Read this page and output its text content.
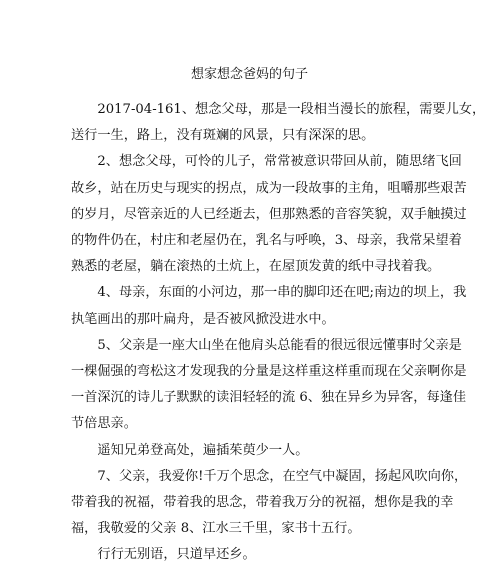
想家想念爸妈的句子

2017-04-161、想念父母，那是一段相当漫长的旅程，需要儿女，
送行一生，路上，没有斑斓的风景，只有深深的思。

2、想念父母，可怜的儿子，常常被意识带回从前，随思绪飞回
故乡，站在历史与现实的拐点，成为一段故事的主角，咀嚼那些艰苦
的岁月，尽管亲近的人已经逝去，但那熟悉的音容笑貌，双手触摸过
的物件仍在，村庄和老屋仍在，乳名与呼唤，3、母亲，我常呆望着
熟悉的老屋，躺在滚热的土炕上，在屋顶发黄的纸中寻找着我。

4、母亲，东面的小河边，那一串的脚印还在吧;南边的坝上，我
执笔画出的那叶扁舟，是否被风掀没进水中。

5、父亲是一座大山坐在他肩头总能看的很远很远懂事时父亲是
一棵倔强的弯松这才发现我的分量是这样重这样重而现在父亲啊你是
一首深沉的诗儿子默默的读泪轻轻的流 6、独在异乡为异客，每逢佳
节倍思亲。

遥知兄弟登高处，遍插茱萸少一人。

7、父亲，我爱你!千万个思念，在空气中凝固，扬起风吹向你，
带着我的祝福，带着我的思念，带着我万分的祝福，想你是我的幸
福，我敬爱的父亲 8、江水三千里，家书十五行。

行行无别语，只道早还乡。
